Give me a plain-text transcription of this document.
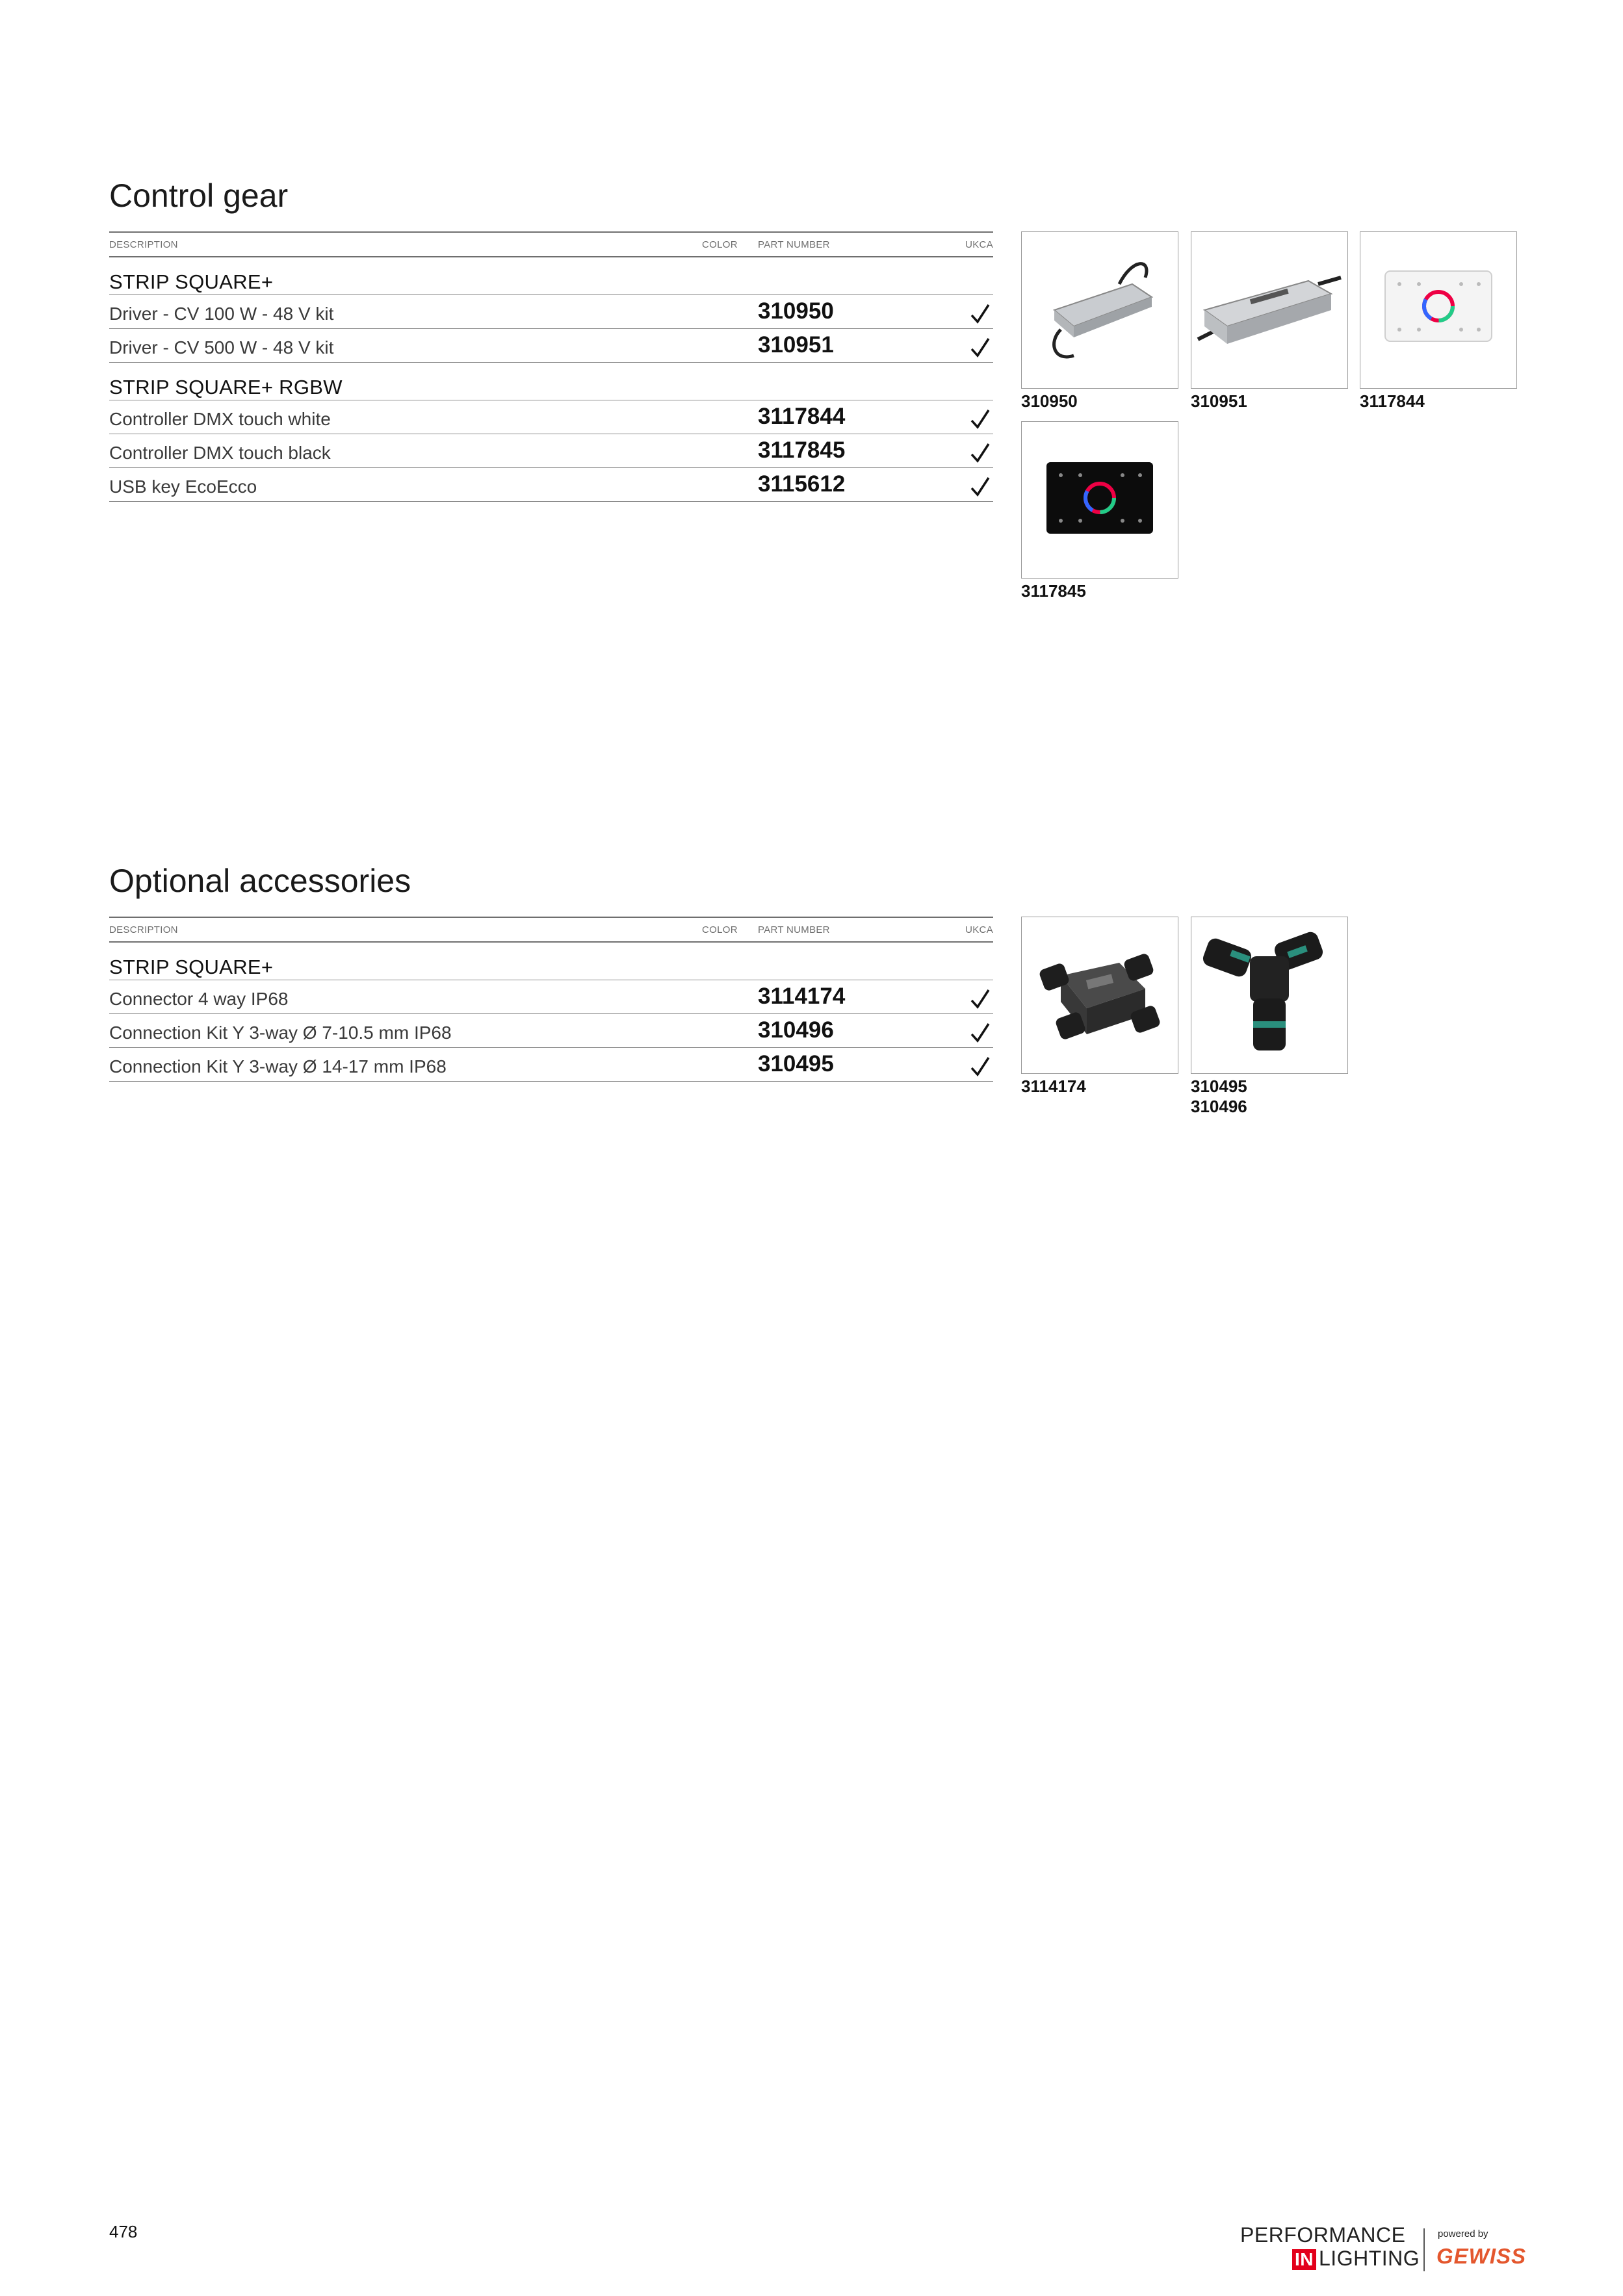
Control gear
DESCRIPTION	COLOR PART NUMBER	UKCA
STRIP SQUARE+
Driver - CV 100 W - 48 V kit	310950
Driver - CV 500 W - 48 V kit	310951
STRIP SQUARE+ RGBW
Controller DMX touch white	3117844
Controller DMX touch black	3117845
USB key EcoEcco	3115612
310950	310951	3117844
3117845
Optional accessories
DESCRIPTION	COLOR PART NUMBER	UKCA
STRIP SQUARE+
Connector 4 way IP68	3114174
Connection Kit Y 3-way Ø 7-10.5 mm IP68	310496
Connection Kit Y 3-way Ø 14-17 mm IP68	310495
3114174	310495
310496
478	PERFORMANCE
IN LIGHTING
powered by
GEWISS
